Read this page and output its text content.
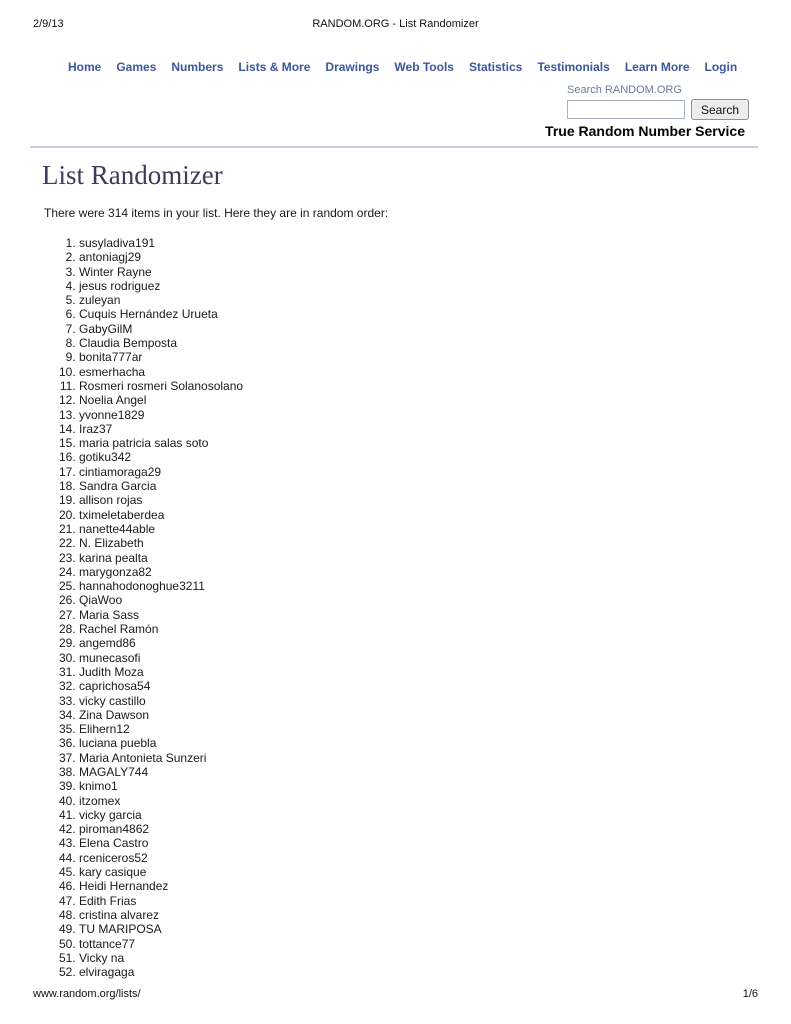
2/9/13	RANDOM.ORG - List Randomizer
Home Games Numbers Lists & More Drawings Web Tools Statistics Testimonials Learn More Login
Search RANDOM.ORG
Search
True Random Number Service
List Randomizer

There were 314 items in your list. Here they are in random order:

1. susyladiva191
2. antoniagj29
3. Winter Rayne
4. jesus rodriguez
5. zuleyan
6. Cuquis Hernández Urueta
7. GabyGilM
8. Claudia Bemposta
9. bonita777ar
10. esmerhacha
11. Rosmeri rosmeri Solanosolano
12. Noelia Angel
13. yvonne1829
14. Iraz37
15. maria patricia salas soto
16. gotiku342
17. cintiamoraga29
18. Sandra Garcia
19. allison rojas
20. tximeletaberdea
21. nanette44able
22. N. Elizabeth
23. karina pealta
24. marygonza82
25. hannahodonoghue3211
26. QiaWoo
27. Maria Sass
28. Rachel Ramón
29. angemd86
30. munecasofi
31. Judith Moza
32. caprichosa54
33. vicky castillo
34. Zina Dawson
35. Elihern12
36. luciana puebla
37. Maria Antonieta Sunzeri
38. MAGALY744
39. knimo1
40. itzomex
41. vicky garcia
42. piroman4862
43. Elena Castro
44. rceniceros52
45. kary casique
46. Heidi Hernandez
47. Edith Frias
48. cristina alvarez
49. TU MARIPOSA
50. tottance77
51. Vicky na
52. elviragaga
www.random.org/lists/	1/6
